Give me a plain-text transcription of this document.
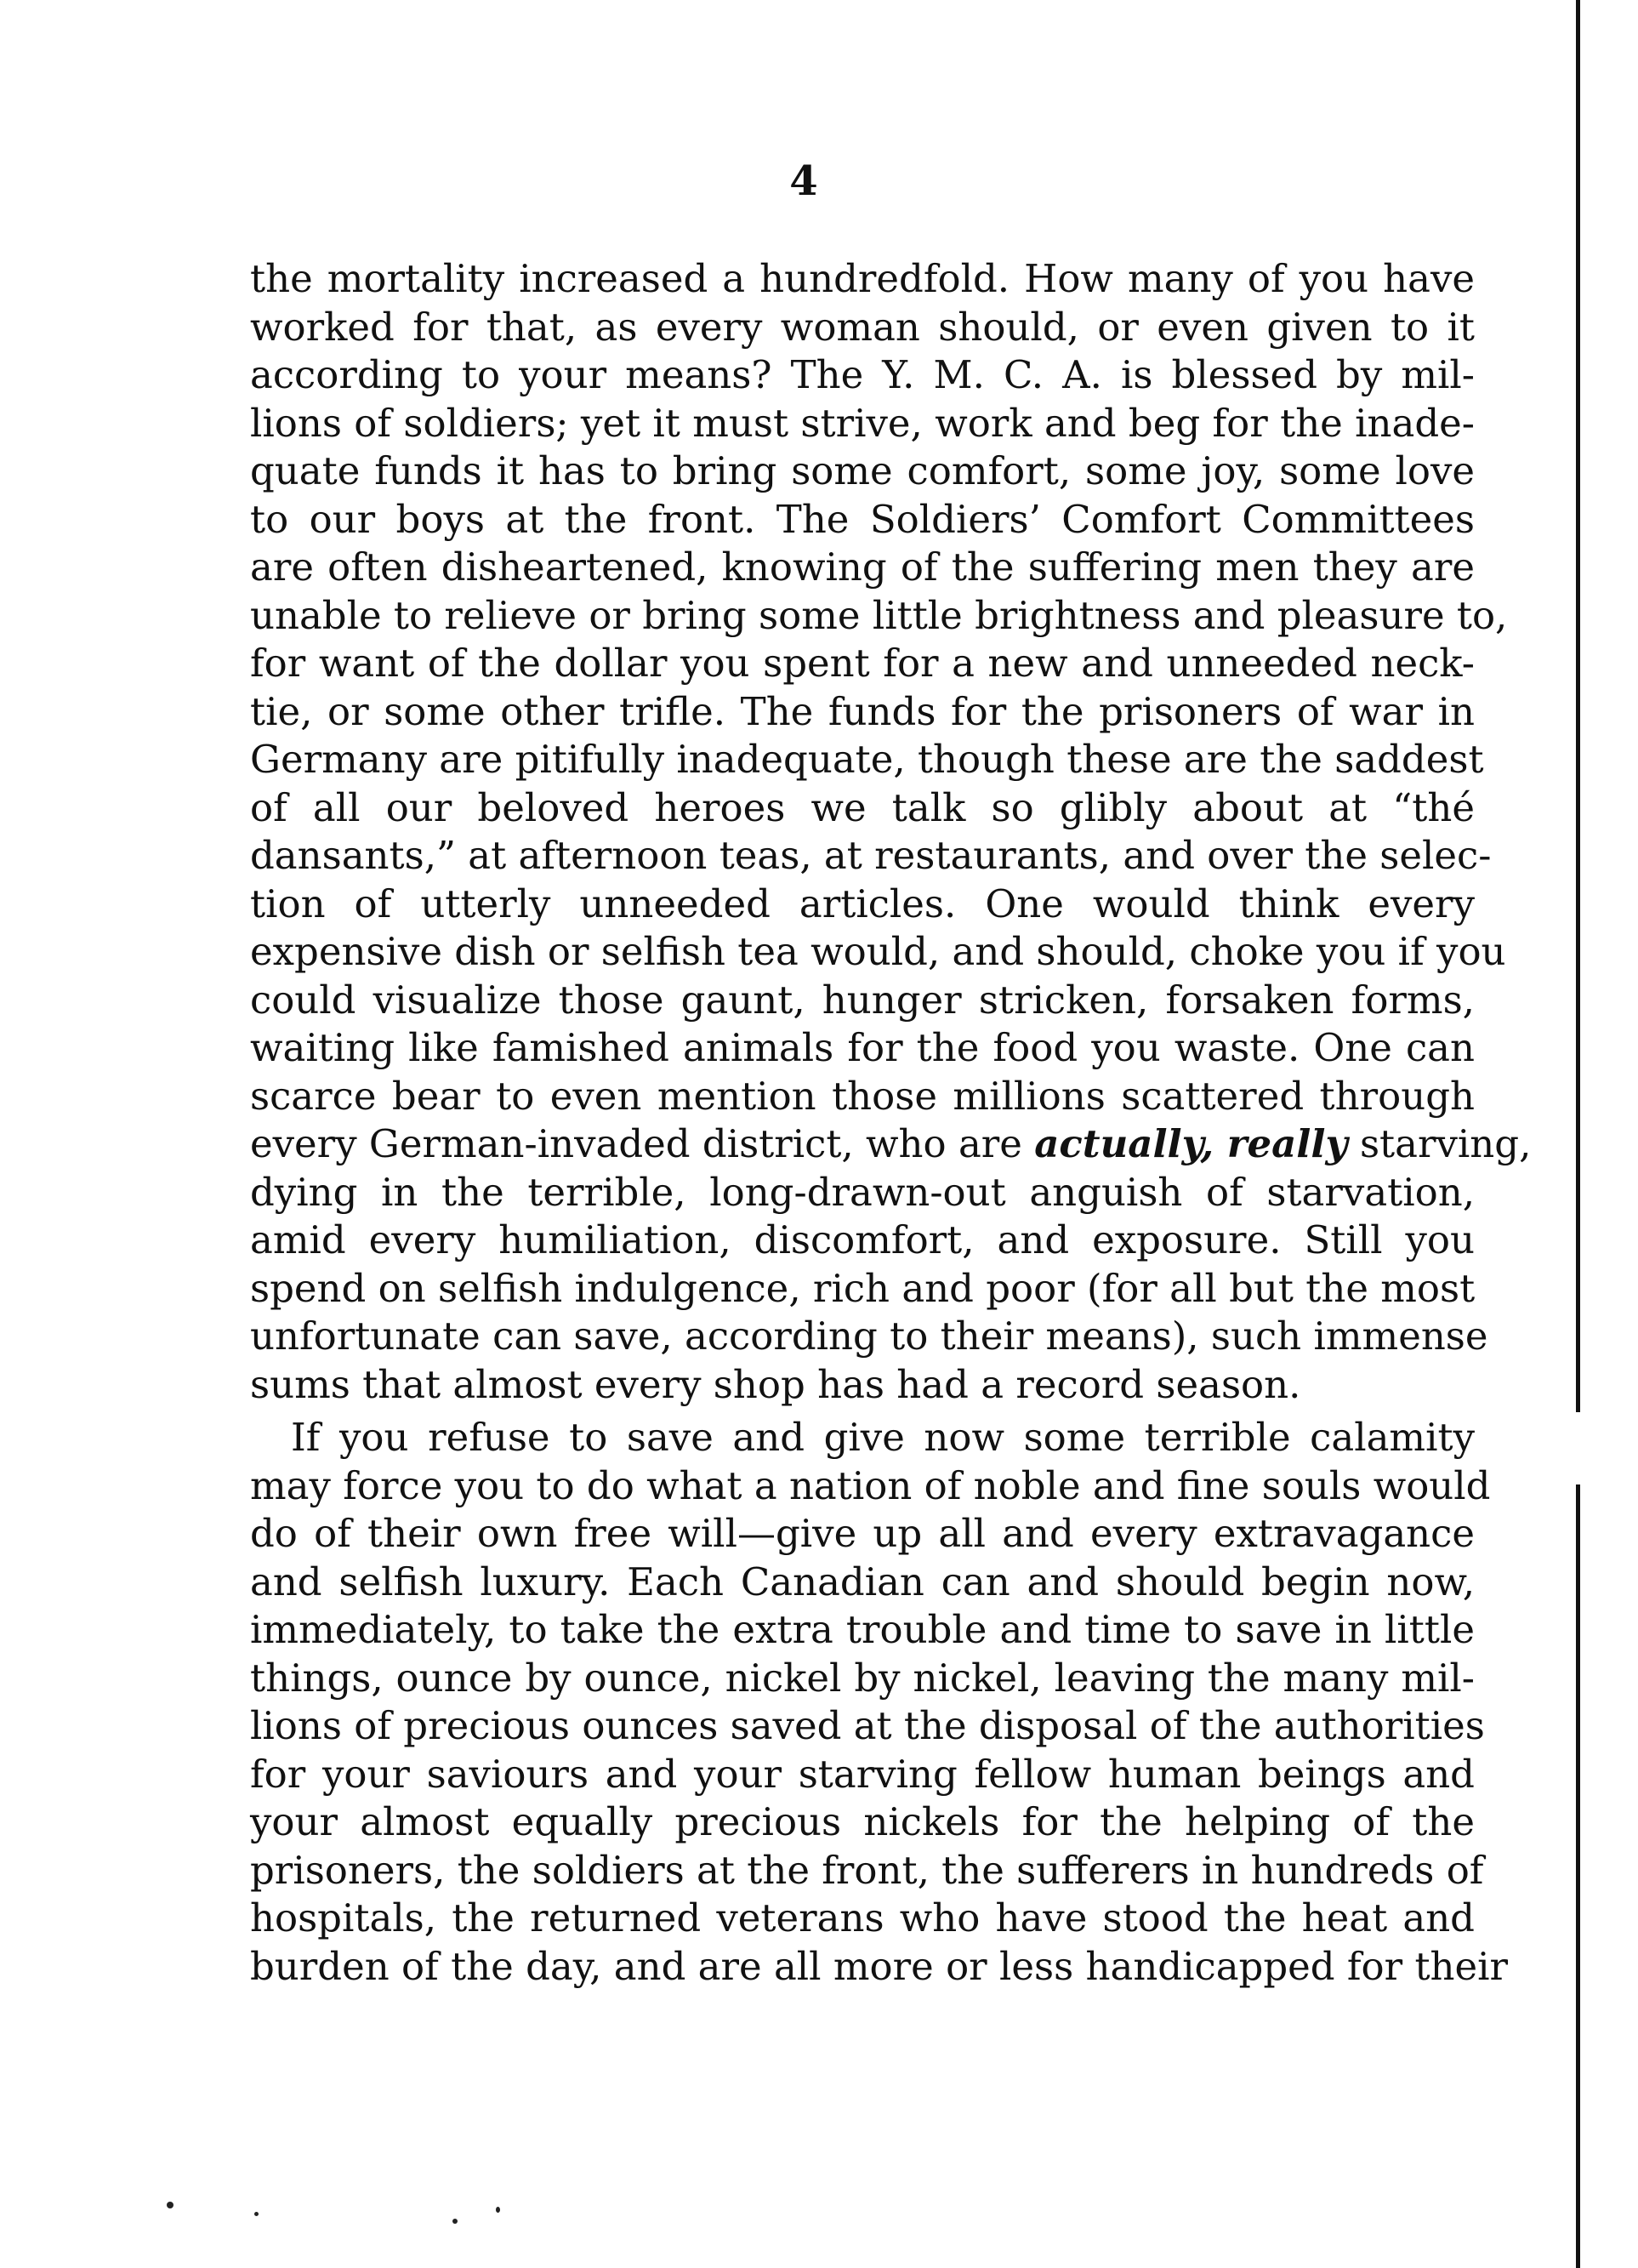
4
the mortality increased a hundredfold. How many of you have
worked for that, as every woman should, or even given to it
according to your means? The Y. M. C. A. is blessed by mil-
lions of soldiers; yet it must strive, work and beg for the inade-
quate funds it has to bring some comfort, some joy, some love
to our boys at the front. The Soldiers’ Comfort Committees
are often disheartened, knowing of the suffering men they are
unable to relieve or bring some little brightness and pleasure to,
for want of the dollar you spent for a new and unneeded neck-
tie, or some other trifle. The funds for the prisoners of war in
Germany are pitifully inadequate, though these are the saddest
of all our beloved heroes we talk so glibly about at “thé
dansants,” at afternoon teas, at restaurants, and over the selec-
tion of utterly unneeded articles. One would think every
expensive dish or selfish tea would, and should, choke you if you
could visualize those gaunt, hunger stricken, forsaken forms,
waiting like famished animals for the food you waste. One can
scarce bear to even mention those millions scattered through
every German-invaded district, who are actually, really starving,
dying in the terrible, long-drawn-out anguish of starvation,
amid every humiliation, discomfort, and exposure. Still you
spend on selfish indulgence, rich and poor (for all but the most
unfortunate can save, according to their means), such immense
sums that almost every shop has had a record season.
If you refuse to save and give now some terrible calamity
may force you to do what a nation of noble and fine souls would
do of their own free will—give up all and every extravagance
and selfish luxury. Each Canadian can and should begin now,
immediately, to take the extra trouble and time to save in little
things, ounce by ounce, nickel by nickel, leaving the many mil-
lions of precious ounces saved at the disposal of the authorities
for your saviours and your starving fellow human beings and
your almost equally precious nickels for the helping of the
prisoners, the soldiers at the front, the sufferers in hundreds of
hospitals, the returned veterans who have stood the heat and
burden of the day, and are all more or less handicapped for their
